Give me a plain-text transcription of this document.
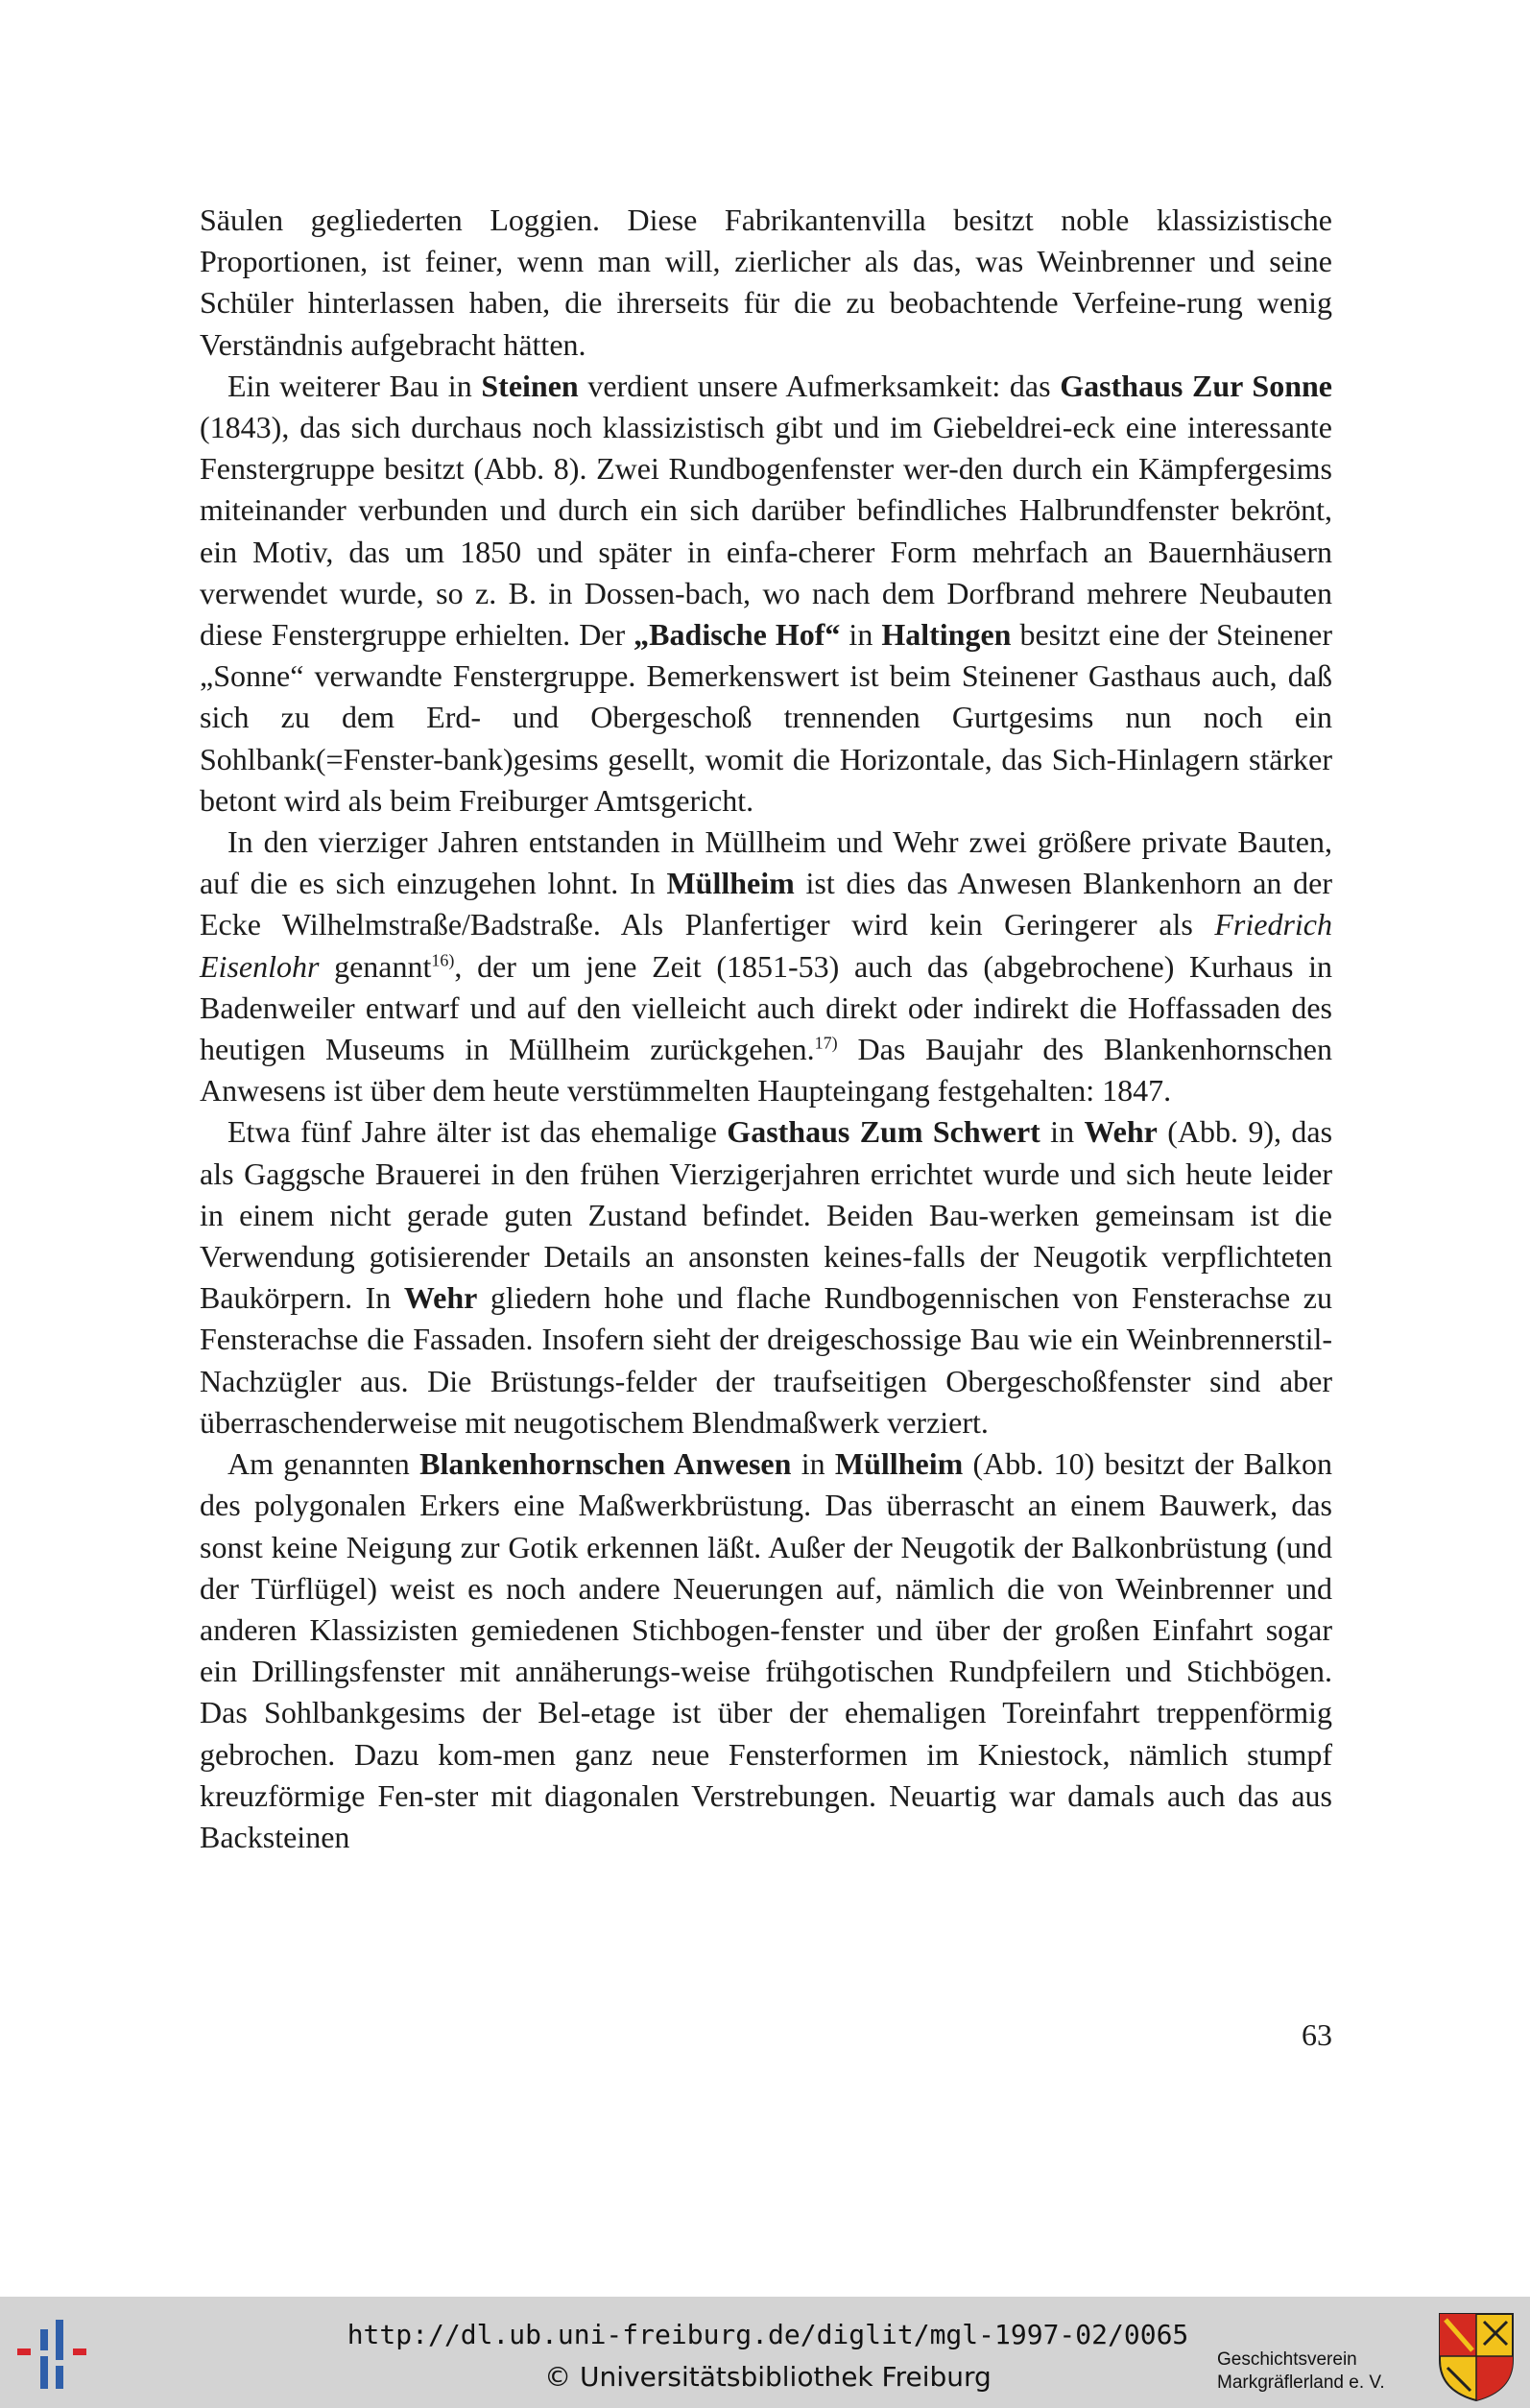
Säulen gegliederten Loggien. Diese Fabrikantenvilla besitzt noble klassizistische Proportionen, ist feiner, wenn man will, zierlicher als das, was Weinbrenner und seine Schüler hinterlassen haben, die ihrerseits für die zu beobachtende Verfeine-rung wenig Verständnis aufgebracht hätten.

Ein weiterer Bau in Steinen verdient unsere Aufmerksamkeit: das Gasthaus Zur Sonne (1843), das sich durchaus noch klassizistisch gibt und im Giebeldrei-eck eine interessante Fenstergruppe besitzt (Abb. 8). Zwei Rundbogenfenster wer-den durch ein Kämpfergesims miteinander verbunden und durch ein sich darüber befindliches Halbrundfenster bekrönt, ein Motiv, das um 1850 und später in einfa-cherer Form mehrfach an Bauernhäusern verwendet wurde, so z. B. in Dossen-bach, wo nach dem Dorfbrand mehrere Neubauten diese Fenstergruppe erhielten. Der „Badische Hof“ in Haltingen besitzt eine der Steinener „Sonne“ verwandte Fenstergruppe. Bemerkenswert ist beim Steinener Gasthaus auch, daß sich zu dem Erd- und Obergeschoß trennenden Gurtgesims nun noch ein Sohlbank(=Fenster-bank)gesims gesellt, womit die Horizontale, das Sich-Hinlagern stärker betont wird als beim Freiburger Amtsgericht.

In den vierziger Jahren entstanden in Müllheim und Wehr zwei größere private Bauten, auf die es sich einzugehen lohnt. In Müllheim ist dies das Anwesen Blankenhorn an der Ecke Wilhelmstraße/Badstraße. Als Planfertiger wird kein Geringerer als Friedrich Eisenlohr genannt$^{16)}$, der um jene Zeit (1851-53) auch das (abgebrochene) Kurhaus in Badenweiler entwarf und auf den vielleicht auch direkt oder indirekt die Hoffassaden des heutigen Museums in Müllheim zurückgehen.$^{17)}$ Das Baujahr des Blankenhornschen Anwesens ist über dem heute verstümmelten Haupteingang festgehalten: 1847.

Etwa fünf Jahre älter ist das ehemalige Gasthaus Zum Schwert in Wehr (Abb. 9), das als Gaggsche Brauerei in den frühen Vierzigerjahren errichtet wurde und sich heute leider in einem nicht gerade guten Zustand befindet. Beiden Bau-werken gemeinsam ist die Verwendung gotisierender Details an ansonsten keines-falls der Neugotik verpflichteten Baukörpern. In Wehr gliedern hohe und flache Rundbogennischen von Fensterachse zu Fensterachse die Fassaden. Insofern sieht der dreigeschossige Bau wie ein Weinbrennerstil-Nachzügler aus. Die Brüstungs-felder der traufseitigen Obergeschoßfenster sind aber überraschenderweise mit neugotischem Blendmaßwerk verziert.

Am genannten Blankenhornschen Anwesen in Müllheim (Abb. 10) besitzt der Balkon des polygonalen Erkers eine Maßwerkbrüstung. Das überrascht an einem Bauwerk, das sonst keine Neigung zur Gotik erkennen läßt. Außer der Neugotik der Balkonbrüstung (und der Türflügel) weist es noch andere Neuerungen auf, nämlich die von Weinbrenner und anderen Klassizisten gemiedenen Stichbogen-fenster und über der großen Einfahrt sogar ein Drillingsfenster mit annäherungs-weise frühgotischen Rundpfeilern und Stichbögen. Das Sohlbankgesims der Bel-etage ist über der ehemaligen Toreinfahrt treppenförmig gebrochen. Dazu kom-men ganz neue Fensterformen im Kniestock, nämlich stumpf kreuzförmige Fen-ster mit diagonalen Verstrebungen. Neuartig war damals auch das aus Backsteinen

63
http://dl.ub.uni-freiburg.de/diglit/mgl-1997-02/0065
© Universitätsbibliothek Freiburg
Geschichtsverein
Markgräflerland e. V.
